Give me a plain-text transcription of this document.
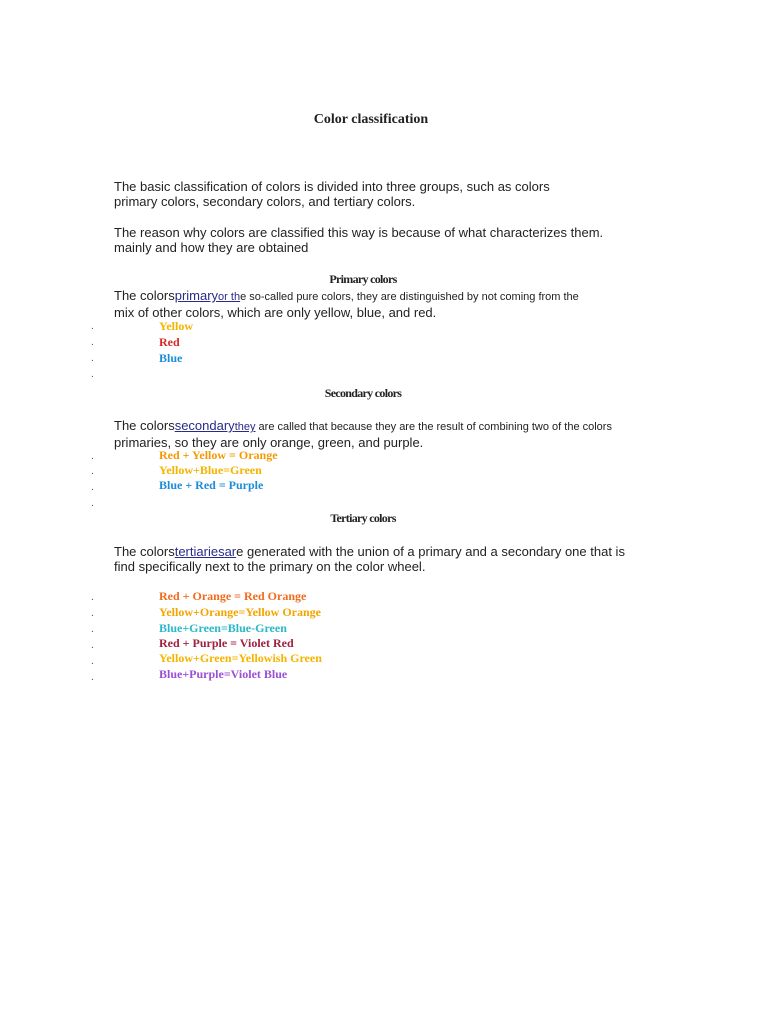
Color classification
The basic classification of colors is divided into three groups, such as colors
primary colors, secondary colors, and tertiary colors.
The reason why colors are classified this way is because of what characterizes them.
mainly and how they are obtained
Primary colors
The colorsprimaryor the so-called pure colors, they are distinguished by not coming from the
mix of other colors, which are only yellow, blue, and red.
.
.
.
.
Yellow
Red
Blue
Secondary colors
The colorssecondarythey are called that because they are the result of combining two of the colors
primaries, so they are only orange, green, and purple.
.
.
.
.
Red + Yellow = Orange
Yellow+Blue=Green
Blue + Red = Purple
Tertiary colors
The colorstertiariesare generated with the union of a primary and a secondary one that is
find specifically next to the primary on the color wheel.
.
.
.
.
.
.
Red + Orange = Red Orange
Yellow+Orange=Yellow Orange
Blue+Green=Blue-Green
Red + Purple = Violet Red
Yellow+Green=Yellowish Green
Blue+Purple=Violet Blue
